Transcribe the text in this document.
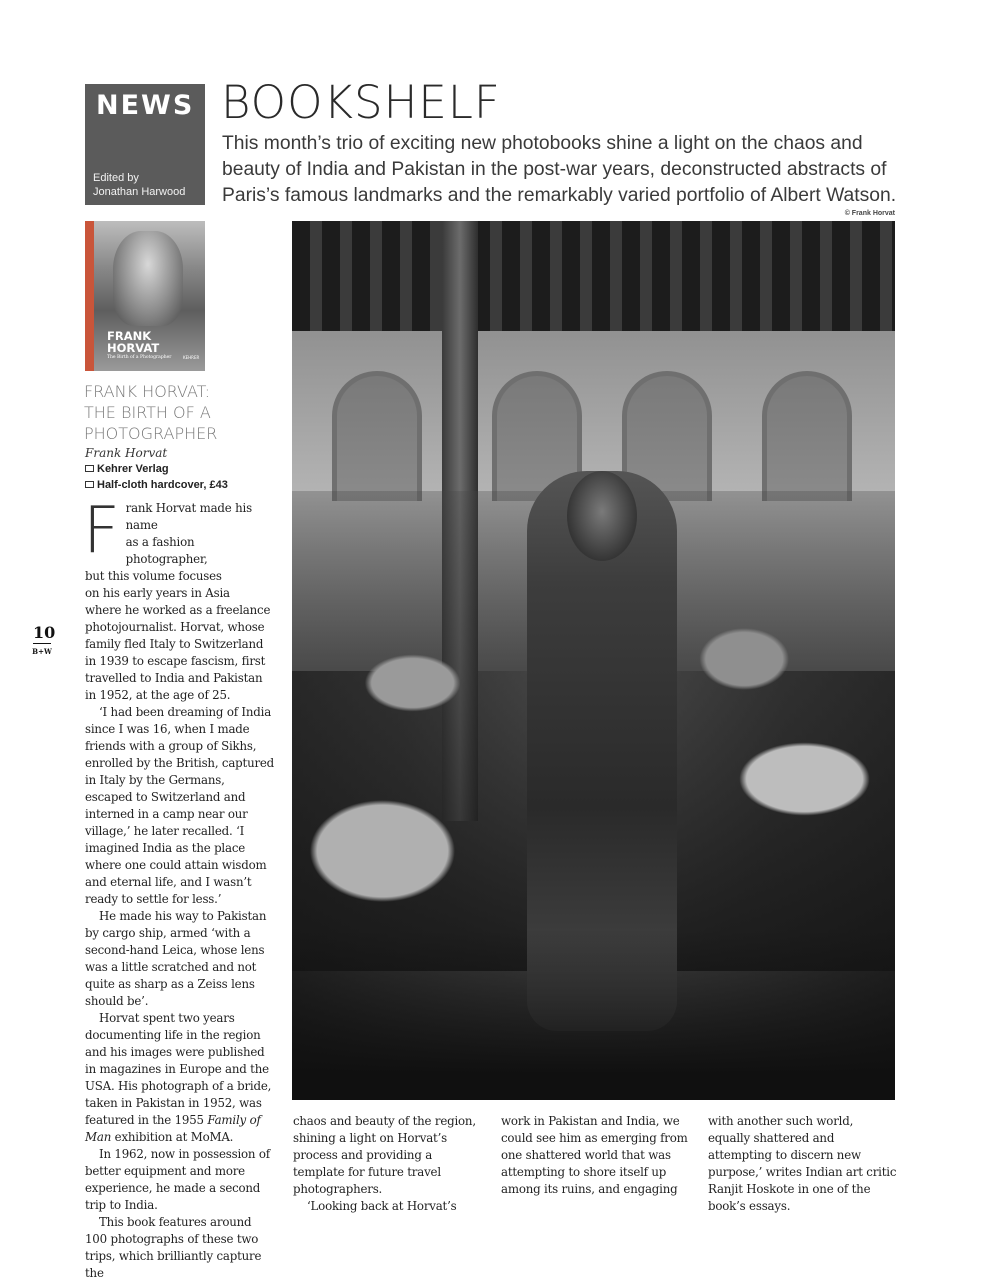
NEWS
Edited by
Jonathan Harwood
BOOKSHELF
This month’s trio of exciting new photobooks shine a light on the chaos and beauty of India and Pakistan in the post-war years, deconstructed abstracts of Paris’s famous landmarks and the remarkably varied portfolio of Albert Watson.
© Frank Horvat
FRANK
HORVAT
The Birth of a Photographer	KEHRER
FRANK HORVAT:
THE BIRTH OF A
PHOTOGRAPHER
Frank Horvat
Kehrer Verlag
Half-cloth hardcover, £43
10
B+W

Frank Horvat made his name
as a fashion photographer,
but this volume focuses
on his early years in Asia
where he worked as a freelance photojournalist. Horvat, whose family fled Italy to Switzerland in 1939 to escape fascism, first travelled to India and Pakistan in 1952, at the age of 25.

‘I had been dreaming of India since I was 16, when I made friends with a group of Sikhs, enrolled by the British, captured in Italy by the Germans, escaped to Switzerland and interned in a camp near our village,’ he later recalled. ‘I imagined India as the place where one could attain wisdom and eternal life, and I wasn’t ready to settle for less.’

He made his way to Pakistan by cargo ship, armed ‘with a second-hand Leica, whose lens was a little scratched and not quite as sharp as a Zeiss lens should be’.

Horvat spent two years documenting life in the region and his images were published in magazines in Europe and the USA. His photograph of a bride, taken in Pakistan in 1952, was featured in the 1955 Family of Man exhibition at MoMA.

In 1962, now in possession of better equipment and more experience, he made a second trip to India.

This book features around 100 photographs of these two trips, which brilliantly capture the

chaos and beauty of the region, shining a light on Horvat’s process and providing a template for future travel photographers.

‘Looking back at Horvat’s

work in Pakistan and India, we could see him as emerging from one shattered world that was attempting to shore itself up among its ruins, and engaging

with another such world, equally shattered and attempting to discern new purpose,’ writes Indian art critic Ranjit Hoskote in one of the book’s essays.
